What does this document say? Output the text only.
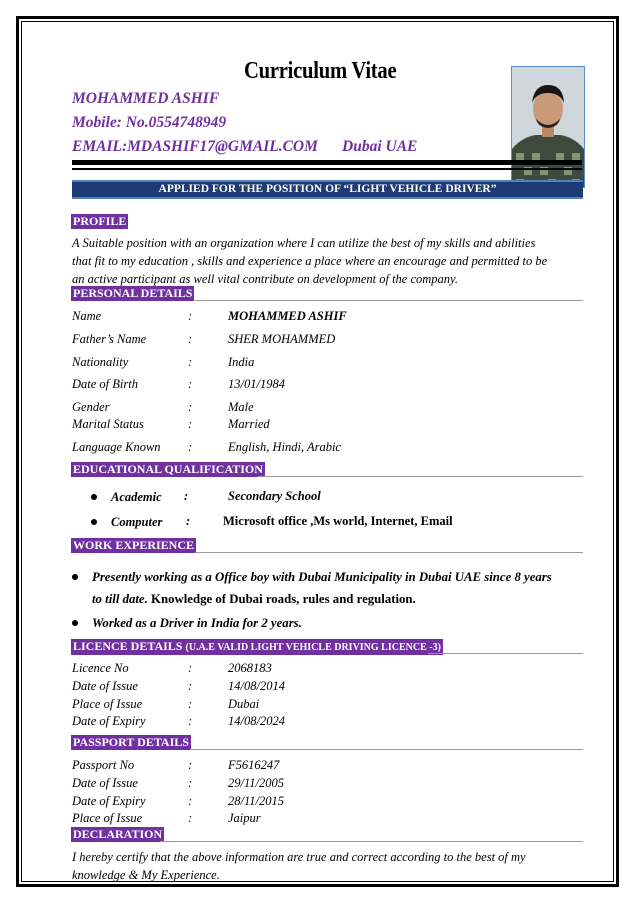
Curriculum Vitae
MOHAMMED ASHIF
Mobile: No.0554748949
EMAIL:MDASHIF17@GMAIL.COM Dubai UAE
APPLIED FOR THE POSITION OF “LIGHT VEHICLE DRIVER”
PROFILE
A Suitable position with an organization where I can utilize the best of my skills and abilities
that fit to my education , skills and experience a place where an encourage and permitted to be
an active participant as well vital contribute on development of the company.
PERSONAL DETAILS
Name	:	MOHAMMED ASHIF
Father’s Name	:	SHER MOHAMMED
Nationality	:	India
Date of Birth	:	13/01/1984
Gender	:	Male
Marital Status	:	Married
Language Known :	English, Hindi, Arabic
EDUCATIONAL QUALIFICATION
Academic :	Secondary School
Computer :	Microsoft office ,Ms world, Internet, Email
WORK EXPERIENCE
Presently working as a Office boy with Dubai Municipality in Dubai UAE since 8 years
to till date. Knowledge of Dubai roads, rules and regulation.
Worked as a Driver in India for 2 years.
LICENCE DETAILS (U.A.E VALID LIGHT VEHICLE DRIVING LICENCE -3)
Licence No	:	2068183
Date of Issue	:	14/08/2014
Place of Issue	:	Dubai
Date of Expiry	:	14/08/2024
PASSPORT DETAILS
Passport No	:	F5616247
Date of Issue	:	29/11/2005
Date of Expiry	:	28/11/2015
Place of Issue	:	Jaipur
DECLARATION
I hereby certify that the above information are true and correct according to the best of my
knowledge & My Experience.
